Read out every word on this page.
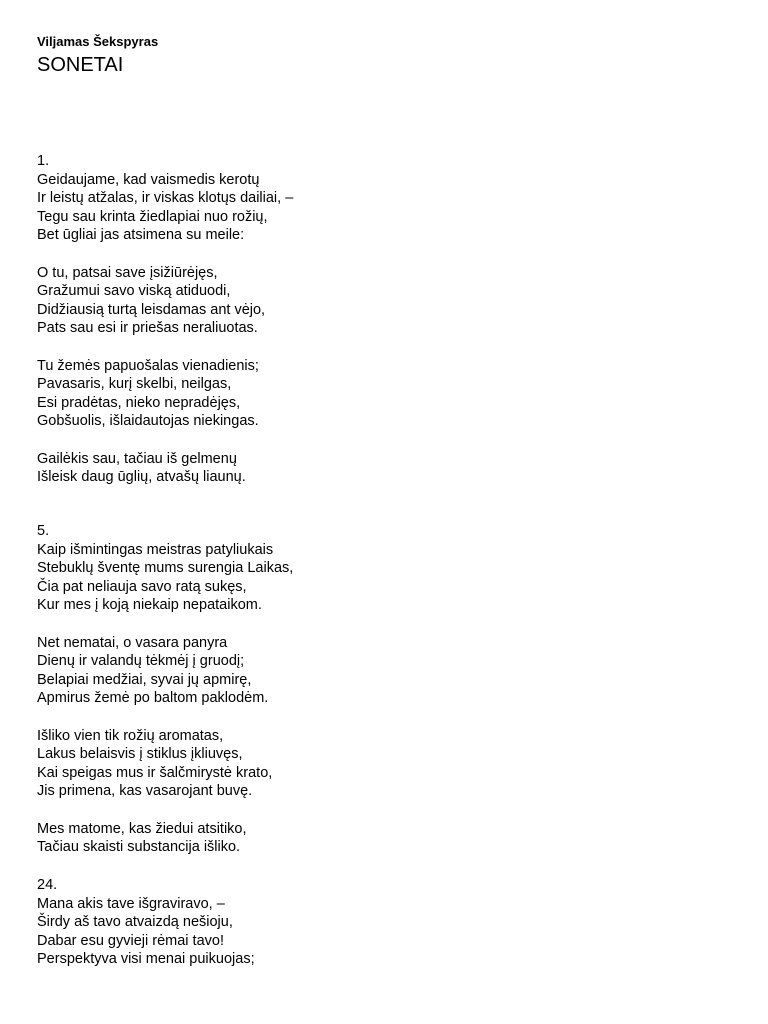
Viljamas Šekspyras

SONETAI

1.

Geidaujame, kad vaismedis kerotų

Ir leistų atžalas, ir viskas klotųs dailiai, –

Tegu sau krinta žiedlapiai nuo rožių,

Bet ūgliai jas atsimena su meile:

O tu, patsai save įsižiūrėjęs,

Gražumui savo viską atiduodi,

Didžiausią turtą leisdamas ant vėjo,

Pats sau esi ir priešas neraliuotas.

Tu žemės papuošalas vienadienis;

Pavasaris, kurį skelbi, neilgas,

Esi pradėtas, nieko nepradėjęs,

Gobšuolis, išlaidautojas niekingas.

Gailėkis sau, tačiau iš gelmenų

Išleisk daug ūglių, atvašų liaunų.

5.

Kaip išmintingas meistras patyliukais

Stebuklų šventę mums surengia Laikas,

Čia pat neliauja savo ratą sukęs,

Kur mes į koją niekaip nepataikom.

Net nematai, o vasara panyra

Dienų ir valandų tėkmėj į gruodį;

Belapiai medžiai, syvai jų apmirę,

Apmirus žemė po baltom paklodėm.

Išliko vien tik rožių aromatas,

Lakus belaisvis į stiklus įkliuvęs,

Kai speigas mus ir šalčmirystė krato,

Jis primena, kas vasarojant buvę.

Mes matome, kas žiedui atsitiko,

Tačiau skaisti substancija išliko.

24.

Mana akis tave išgraviravo, –

Širdy aš tavo atvaizdą nešioju,

Dabar esu gyvieji rėmai tavo!

Perspektyva visi menai puikuojas;
